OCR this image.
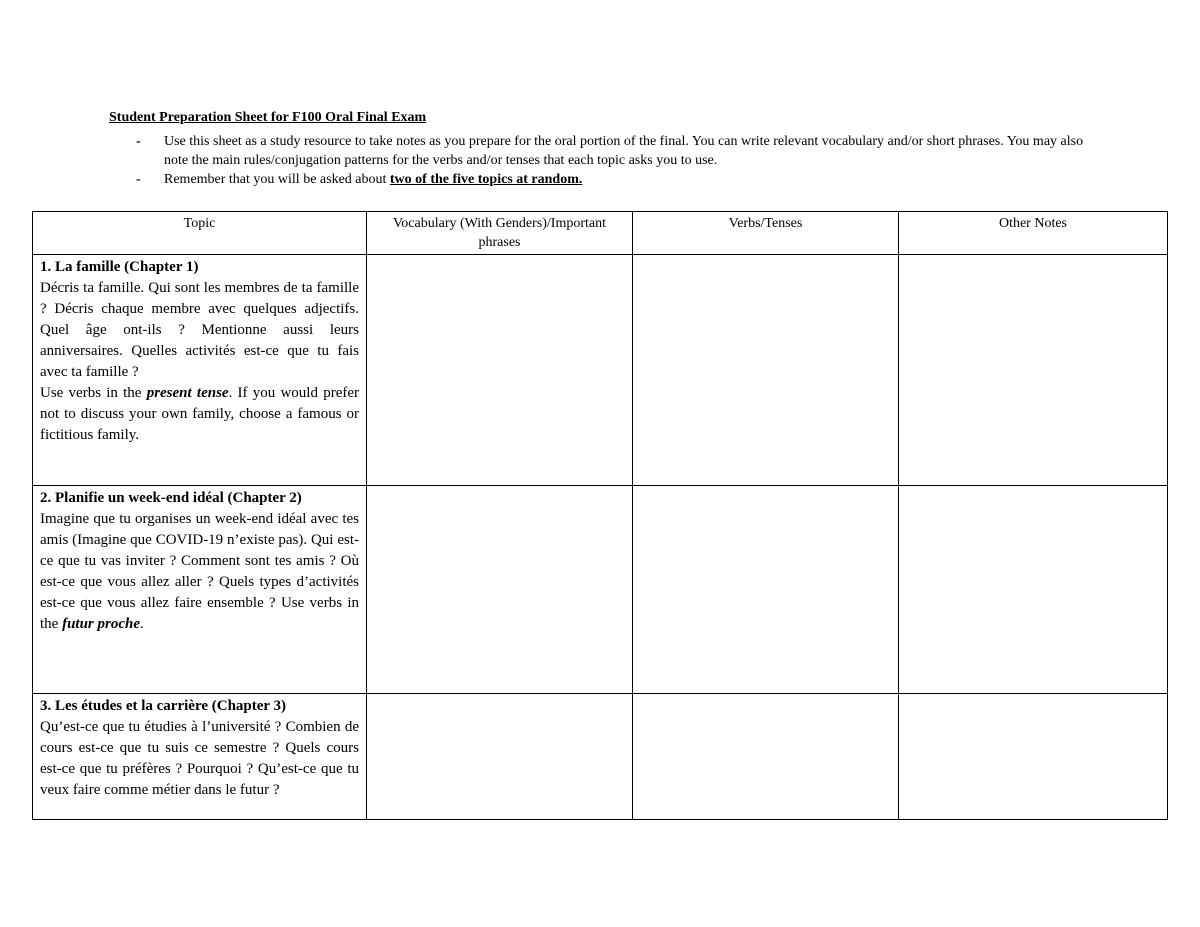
Student Preparation Sheet for F100 Oral Final Exam
-	Use this sheet as a study resource to take notes as you prepare for the oral portion of the final. You can write relevant vocabulary and/or short phrases. You may also note the main rules/conjugation patterns for the verbs and/or tenses that each topic asks you to use.
-	Remember that you will be asked about two of the five topics at random.
Topic	Vocabulary (With Genders)/Important phrases	Verbs/Tenses	Other Notes

1. La famille (Chapter 1)

Décris ta famille. Qui sont les membres de ta famille ? Décris chaque membre avec quelques adjectifs. Quel âge ont-ils ? Mentionne aussi leurs anniversaires. Quelles activités est-ce que tu fais avec ta famille ?

Use verbs in the present tense. If you would prefer not to discuss your own family, choose a famous or fictitious family.			

2. Planifie un week-end idéal (Chapter 2)

Imagine que tu organises un week-end idéal avec tes amis (Imagine que COVID-19 n’existe pas). Qui est-ce que tu vas inviter ? Comment sont tes amis ? Où est-ce que vous allez aller ? Quels types d’activités est-ce que vous allez faire ensemble ? Use verbs in the futur proche.			

3. Les études et la carrière (Chapter 3)

Qu’est-ce que tu étudies à l’université ? Combien de cours est-ce que tu suis ce semestre ? Quels cours est-ce que tu préfères ? Pourquoi ? Qu’est-ce que tu veux faire comme métier dans le futur ?			
